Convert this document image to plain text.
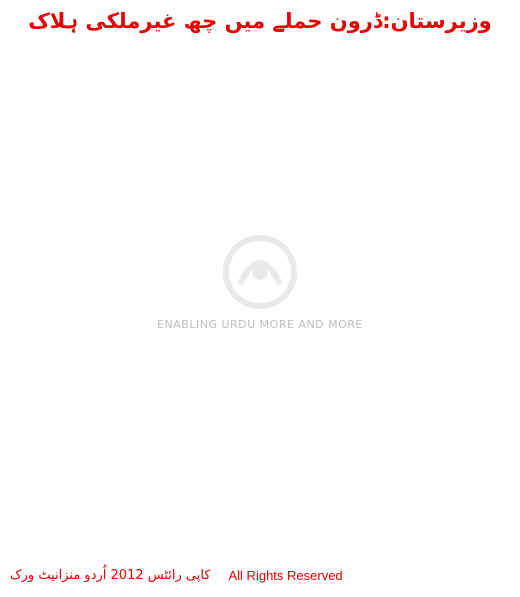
وزیرستان:ڈرون حملے میں چھ غیرملکی ہلاک
ENABLING URDU MORE AND MORE
کاپی رائٹس 2012 اُردو منزانیٹ ورک All Rights Reserved
